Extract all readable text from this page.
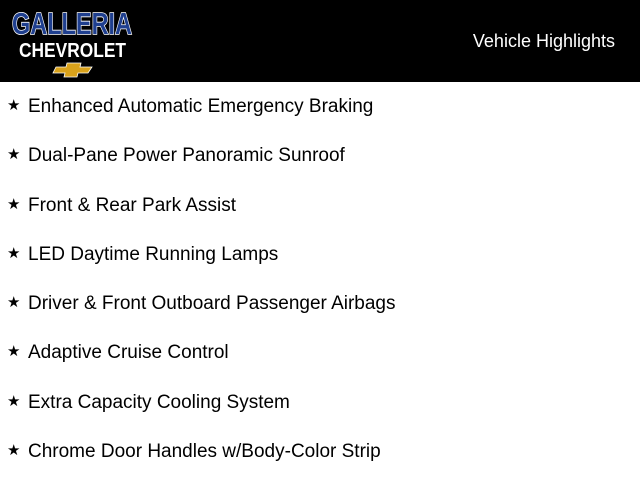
GALLERIA
CHEVROLET	Vehicle Highlights
★ Enhanced Automatic Emergency Braking
★ Dual-Pane Power Panoramic Sunroof
★ Front & Rear Park Assist
★ LED Daytime Running Lamps
★ Driver & Front Outboard Passenger Airbags
★ Adaptive Cruise Control
★ Extra Capacity Cooling System
★ Chrome Door Handles w/Body-Color Strip
